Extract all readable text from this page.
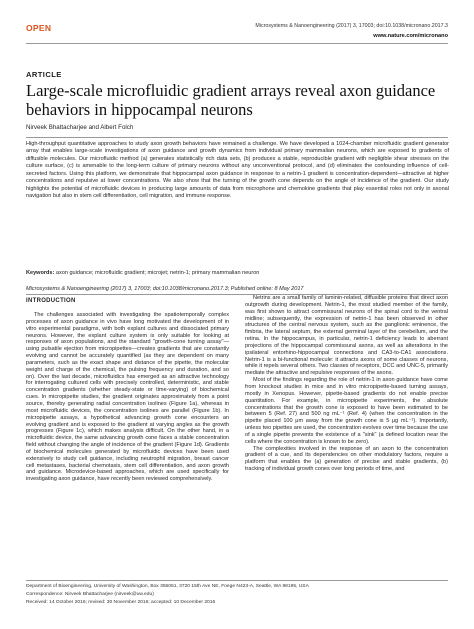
OPEN	Microsystems & Nanoengineering (2017) 3, 17003; doi:10.1038/micronano.2017.3
www.nature.com/micronano
ARTICLE
Large-scale microfluidic gradient arrays reveal axon guidance behaviors in hippocampal neurons
Nirveek Bhattacharjee and Albert Folch
High-throughput quantitative approaches to study axon growth behaviors have remained a challenge. We have developed a 1024-chamber microfluidic gradient generator array that enables large-scale investigations of axon guidance and growth dynamics from individual primary mammalian neurons, which are exposed to gradients of diffusible molecules. Our microfluidic method (a) generates statistically rich data sets, (b) produces a stable, reproducible gradient with negligible shear stresses on the culture surface, (c) is amenable to the long-term culture of primary neurons without any unconventional protocol, and (d) eliminates the confounding influence of cell-secreted factors. Using this platform, we demonstrate that hippocampal axon guidance in response to a netrin-1 gradient is concentration-dependent—attractive at higher concentrations and repulsive at lower concentrations. We also show that the turning of the growth cone depends on the angle of incidence of the gradient. Our study highlights the potential of microfluidic devices in producing large amounts of data from microphone and chemokine gradients that play essential roles not only in axonal navigation but also in stem cell differentiation, cell migration, and immune response.
Keywords: axon guidance; microfluidic gradient; microjet; netrin-1; primary mammalian neuron
Microsystems & Nanoengineering (2017) 3, 17003; doi:10.1038/micronano.2017.3; Published online: 8 May 2017
INTRODUCTION

The challenges associated with investigating the spatiotemporally complex processes of axon guidance in vivo have long motivated the development of in vitro experimental paradigms, with both explant cultures and dissociated primary neurons. However, the explant culture system is only suitable for looking at responses of axon populations, and the standard "growth-cone turning assay"—using pulsatile ejection from micropipettes—creates gradients that are constantly evolving and cannot be accurately quantified (as they are dependent on many parameters, such as the exact shape and distance of the pipette, the molecular weight and charge of the chemical, the pulsing frequency and duration, and so on). Over the last decade, microfluidics has emerged as an attractive technology for interrogating cultured cells with precisely controlled, deterministic, and stable concentration gradients (whether steady-state or time-varying) of biochemical cues. In micropipette studies, the gradient originates approximately from a point source, thereby generating radial concentration isolines (Figure 1a), whereas in most microfluidic devices, the concentration isolines are parallel (Figure 1b). In micropipette assays, a hypothetical advancing growth cone encounters an evolving gradient and is exposed to the gradient at varying angles as the growth progresses (Figure 1c), which makes analysis difficult. On the other hand, in a microfluidic device, the same advancing growth cone faces a stable concentration field without changing the angle of incidence of the gradient (Figure 1d). Gradients of biochemical molecules generated by microfluidic devices have been used extensively to study cell guidance, including neutrophil migration, breast cancer cell metastases, bacterial chemotaxis, stem cell differentiation, and axon growth and guidance. Microdevice-based approaches, which are used specifically for investigating axon guidance, have recently been reviewed comprehensively.

Netrins are a small family of laminin-related, diffusible proteins that direct axon outgrowth during development. Netrin-1, the most studied member of the family, was first shown to attract commissural neurons of the spinal cord to the ventral midline; subsequently, the expression of netrin-1 has been observed in other structures of the central nervous system, such as the ganglionic eminence, the fimbria, the lateral septum, the external germinal layer of the cerebellum, and the retina. In the hippocampus, in particular, netrin-1 deficiency leads to aberrant projections of the hippocampal commissural axons, as well as alterations in the ipsilateral entorhino-hippocampal connections and CA3-to-CA1 associations. Netrin-1 is a bi-functional molecule: it attracts axons of some classes of neurons, while it repels several others. Two classes of receptors, DCC and UNC-5, primarily mediate the attractive and repulsive responses of the axons.

Most of the findings regarding the role of netrin-1 in axon guidance have come from knockout studies in mice and in vitro micropipette-based turning assays, mostly in Xenopus. However, pipette-based gradients do not enable precise quantitation. For example, in micropipette experiments, the absolute concentrations that the growth cone is exposed to have been estimated to be between 5 (Ref. 27) and 500 ng mL⁻¹ (Ref. 4) (when the concentration in the pipette placed 100 μm away from the growth cone is 5 μg mL⁻¹). Importantly, unless two pipettes are used, the concentration evolves over time because the use of a single pipette prevents the existence of a "sink" (a defined location near the cells where the concentration is known to be zero).

The complexities involved in the response of an axon to the concentration gradient of a cue, and its dependencies on other modulatory factors, require a platform that enables the (a) generation of precise and stable gradients, (b) tracking of individual growth cones over long periods of time, and

Department of Bioengineering, University of Washington, Box 355061, 3720 15th Ave NE, Foege N423-A, Seattle, WA 98195, USA
Correspondence: Nirveek Bhattacharjee (nirveek@uw.edu)
Received: 14 October 2016; revised: 30 November 2016; accepted: 10 December 2016
